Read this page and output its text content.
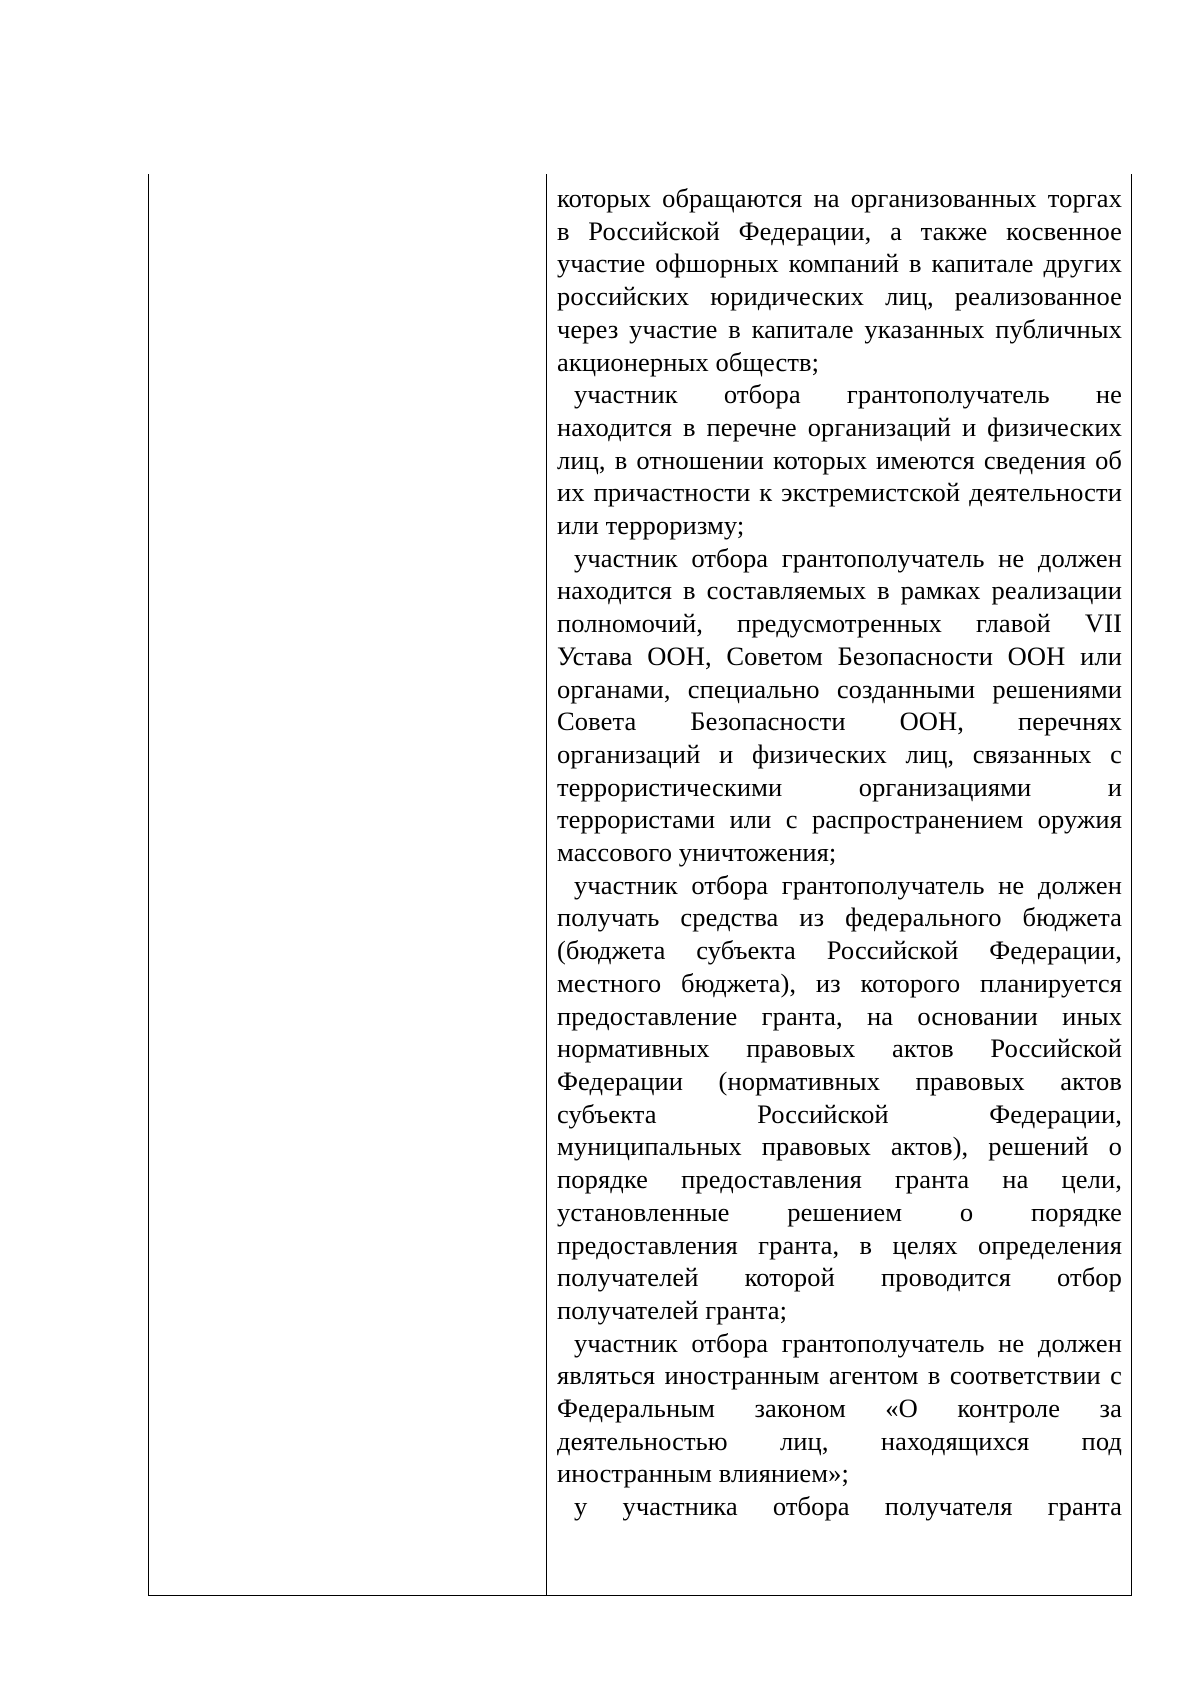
которых обращаются на организованных торгах в Российской Федерации, а также косвенное участие офшорных компаний в капитале других российских юридических лиц, реализованное через участие в капитале указанных публичных акционерных обществ;

участник отбора грантополучатель не находится в перечне организаций и физических лиц, в отношении которых имеются сведения об их причастности к экстремистской деятельности или терроризму;

участник отбора грантополучатель не должен находится в составляемых в рамках реализации полномочий, предусмотренных главой VII Устава ООН, Советом Безопасности ООН или органами, специально созданными решениями Совета Безопасности ООН, перечнях организаций и физических лиц, связанных с террористическими организациями и террористами или с распространением оружия массового уничтожения;

участник отбора грантополучатель не должен получать средства из федерального бюджета (бюджета субъекта Российской Федерации, местного бюджета), из которого планируется предоставление гранта, на основании иных нормативных правовых актов Российской Федерации (нормативных правовых актов субъекта Российской Федерации, муниципальных правовых актов), решений о порядке предоставления гранта на цели, установленные решением о порядке предоставления гранта, в целях определения получателей которой проводится отбор получателей гранта;

участник отбора грантополучатель не должен являться иностранным агентом в соответствии с Федеральным законом «О контроле за деятельностью лиц, находящихся под иностранным влиянием»;

у участника отбора получателя гранта
